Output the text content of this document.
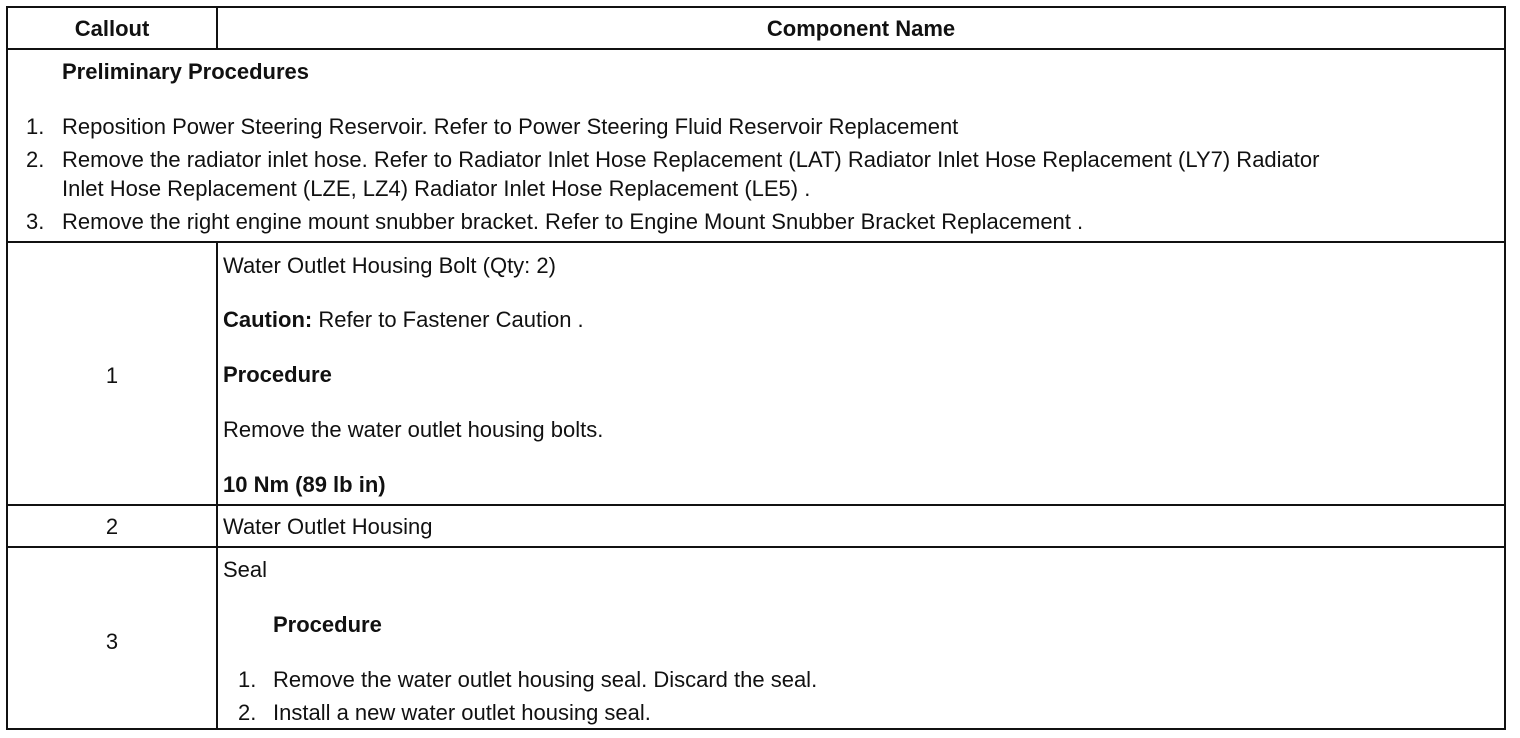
Callout	Component Name
Preliminary Procedures
1. Reposition Power Steering Reservoir. Refer to Power Steering Fluid Reservoir Replacement
2. Remove the radiator inlet hose. Refer to Radiator Inlet Hose Replacement (LAT) Radiator Inlet Hose Replacement (LY7) Radiator
Inlet Hose Replacement (LZE, LZ4) Radiator Inlet Hose Replacement (LE5) .
3. Remove the right engine mount snubber bracket. Refer to Engine Mount Snubber Bracket Replacement .
1
Water Outlet Housing Bolt (Qty: 2)
Caution: Refer to Fastener Caution .
Procedure
Remove the water outlet housing bolts.
10 Nm (89 lb in)
2	Water Outlet Housing
3
Seal
Procedure
1. Remove the water outlet housing seal. Discard the seal.
2. Install a new water outlet housing seal.
